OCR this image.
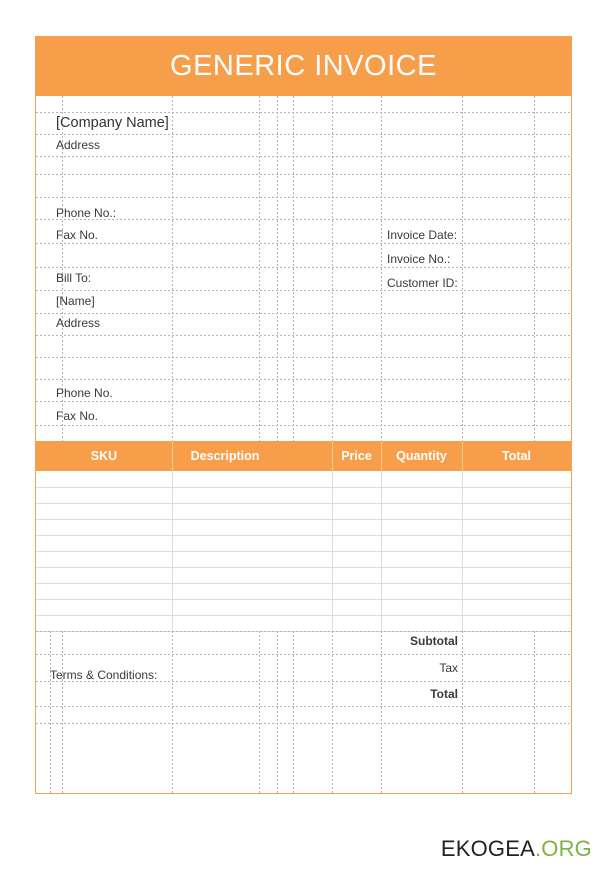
GENERIC INVOICE
[Company Name]
Address
Phone No.:
Fax No.	Invoice Date:
Invoice No.:
Customer ID:
Bill To:
[Name]
Address
Phone No.
Fax No.
SKU	Description	Price	Quantity	Total
Subtotal
Tax
Total
Terms & Conditions:
EKOGEA.ORG
